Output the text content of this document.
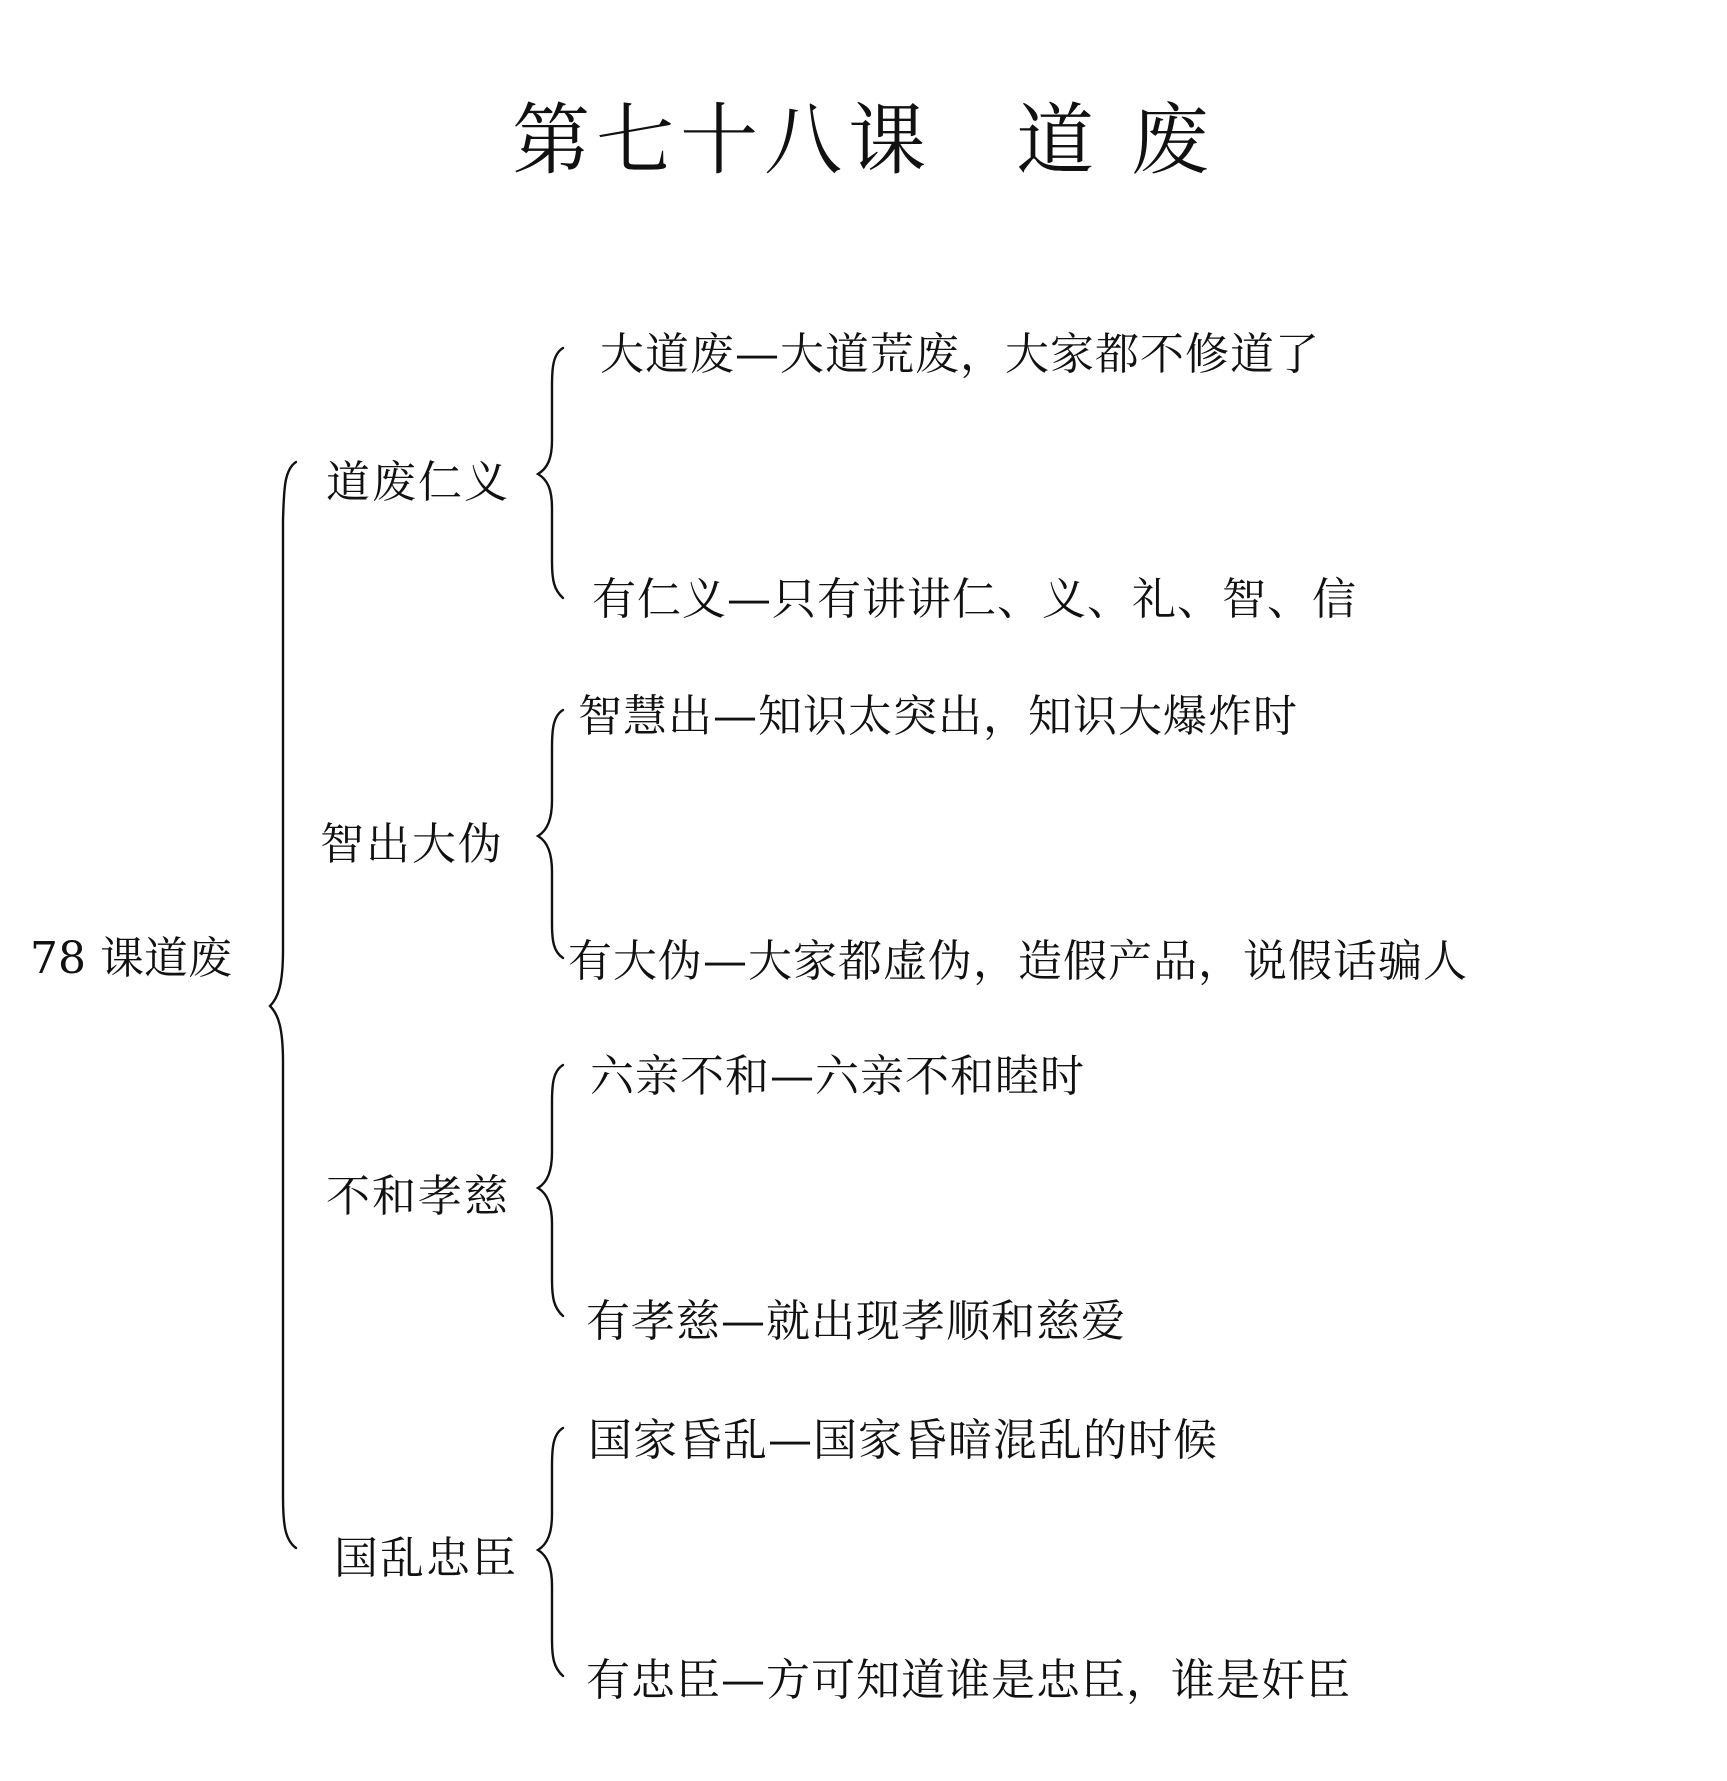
第七十八课　道 废
78 课道废
道废仁义
智出大伪
不和孝慈
国乱忠臣
大道废—大道荒废，大家都不修道了
有仁义—只有讲讲仁、义、礼、智、信
智慧出—知识太突出，知识大爆炸时
有大伪—大家都虚伪，造假产品，说假话骗人
六亲不和—六亲不和睦时
有孝慈—就出现孝顺和慈爱
国家昏乱—国家昏暗混乱的时候
有忠臣—方可知道谁是忠臣，谁是奸臣
